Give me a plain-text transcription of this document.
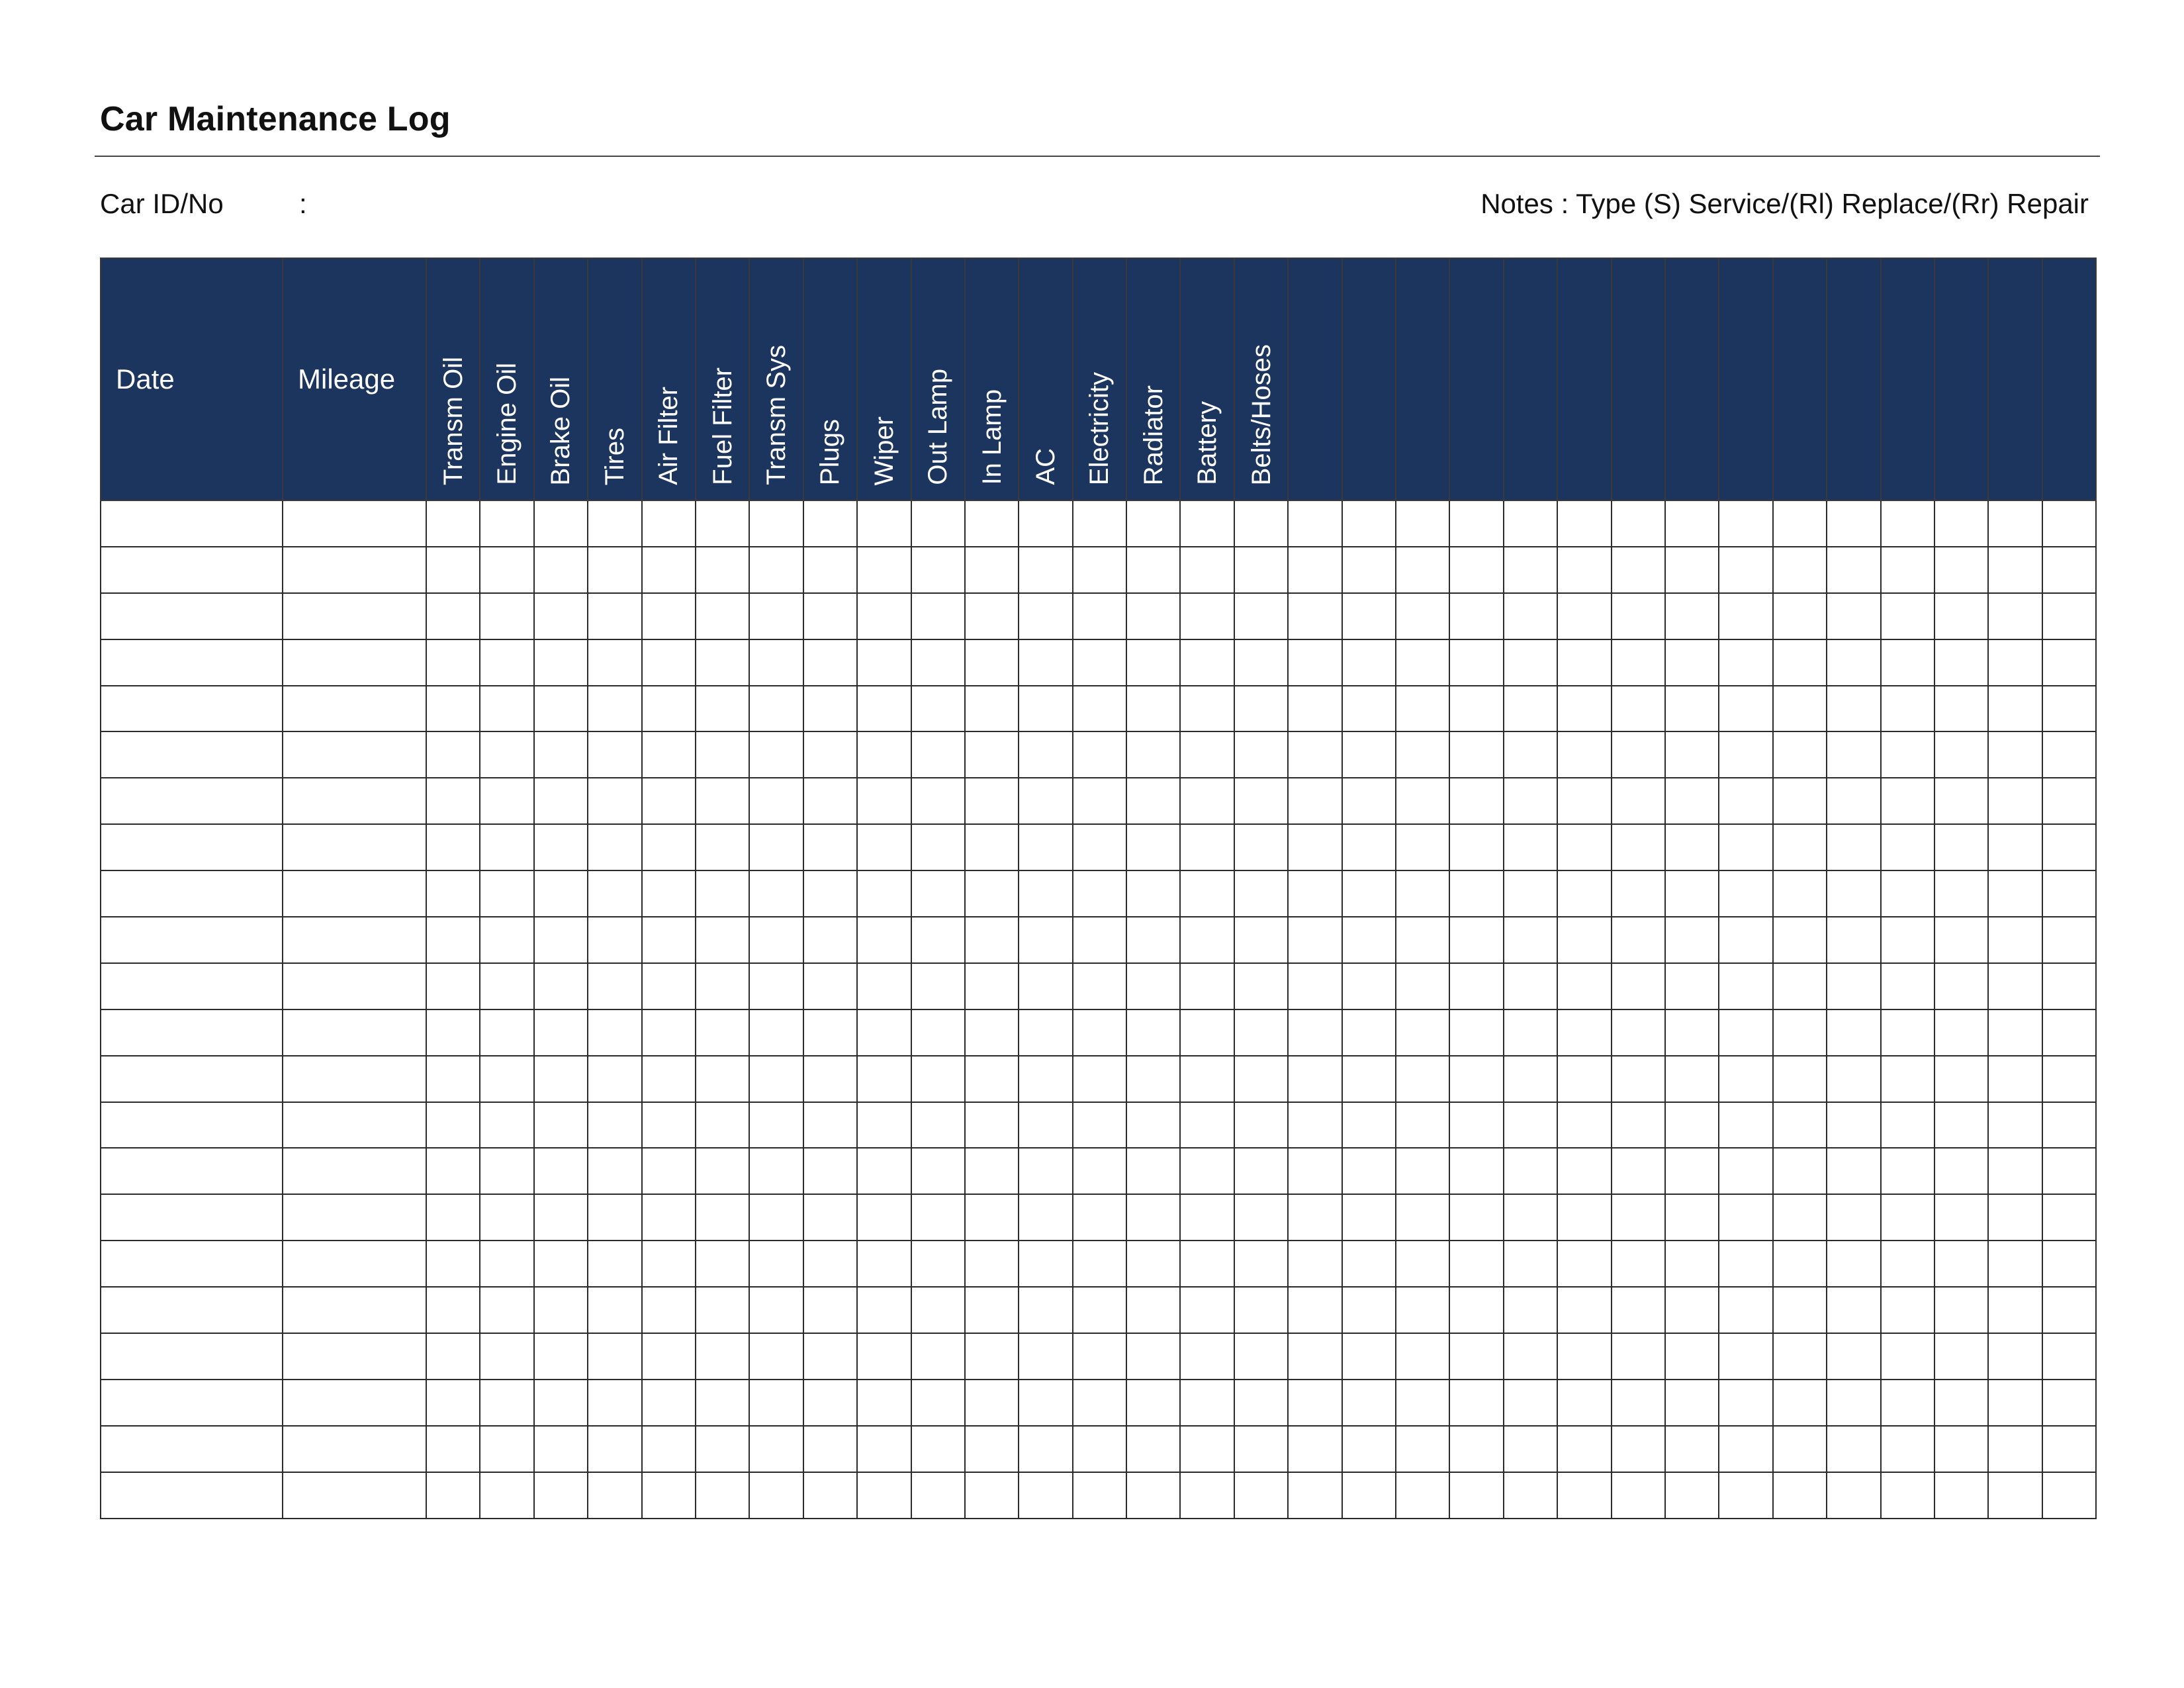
Car Maintenance Log
Car ID/No	:	Notes : Type (S) Service/(Rl) Replace/(Rr) Repair
Date	Mileage	Transm Oil	Engine Oil	Brake Oil	Tires	Air Filter	Fuel Filter	Transm Sys	Plugs	Wiper	Out Lamp	In Lamp	AC	Electricity	Radiator	Battery	Belts/Hoses															
